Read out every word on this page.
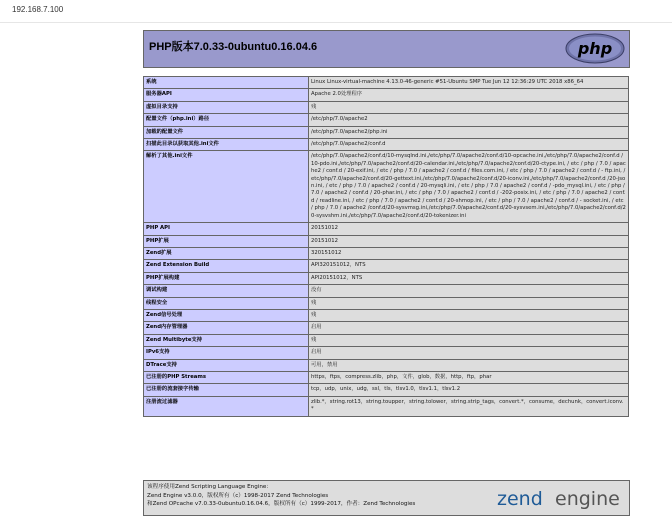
192.168.7.100
PHP版本7.0.33-0ubuntu0.16.04.6	php
系统	Linux Linux-virtual-machine 4.13.0-46-generic #51-Ubuntu SMP Tue Jun 12 12:36:29 UTC 2018 x86_64
服务器API	Apache 2.0处理程序
虚拟目录支持	残
配置文件（php.ini）路径	/etc/php/7.0/apache2
加载的配置文件	/etc/php/7.0/apache2/php.ini
扫描此目录以获取其他.ini文件	/etc/php/7.0/apache2/conf.d
解析了其他.ini文件	/etc/php/7.0/apache2/conf.d/10-mysqlnd.ini,/etc/php/7.0/apache2/conf.d/10-opcache.ini,/etc/php/7.0/apache2/conf.d /10-pdo.ini,/etc/php/7.0/apache2/conf.d/20-calendar.ini,/etc/php/7.0/apache2/conf.d/20-ctype.ini, / etc / php / 7.0 / apache2 / conf.d / 20-exif.ini, / etc / php / 7.0 / apache2 / conf.d / files.com.ini, / etc / php / 7.0 / apache2 / conf.d / - ftp.ini, /etc/php/7.0/apache2/conf.d/20-gettext.ini,/etc/php/7.0/apache2/conf.d/20-iconv.ini,/etc/php/7.0/apache2/conf.d /20-json.ini, / etc / php / 7.0 / apache2 / conf.d / 20-mysqli.ini, / etc / php / 7.0 / apache2 / conf.d / -pdo_mysql.ini, / etc / php / 7.0 / apache2 / conf.d / 20-phar.ini, / etc / php / 7.0 / apache2 / conf.d / -202-posix.ini, / etc / php / 7.0 / apache2 / conf.d / readline.ini, / etc / php / 7.0 / apache2 / conf.d / 20-shmop.ini, / etc / php / 7.0 / apache2 / conf.d / - socket.ini, / etc / php / 7.0 / apache2 /conf.d/20-sysvmsg.ini,/etc/php/7.0/apache2/conf.d/20-sysvsem.ini,/etc/php/7.0/apache2/conf.d/20-sysvshm.ini,/etc/php/7.0/apache2/conf.d/20-tokenizer.ini
PHP API	20151012
PHP扩展	20151012
Zend扩展	320151012
Zend Extension Build	API320151012，NTS
PHP扩展构建	API20151012，NTS
调试构建	没有
线程安全	残
Zend信号处理	残
Zend内存管理器	启用
Zend Multibyte支持	残
IPv6支持	启用
DTrace支持	可用，禁用
已注册的PHP Streams	https，ftps，compress.zlib，php，文件，glob，数据，http，ftp，phar
已注册的流套接字传输	tcp，udp，unix，udg，ssl，tls，tlsv1.0，tlsv1.1，tlsv1.2
注册流过滤器	zlib.*，string.rot13，string.toupper，string.tolower，string.strip_tags，convert.*，consume，dechunk，convert.iconv.*
该程序使用Zend Scripting Language Engine：
Zend Engine v3.0.0，版权所有（c）1998-2017 Zend Technologies
和Zend OPcache v7.0.33-0ubuntu0.16.04.6，版权所有（c）1999-2017，作者：Zend Technologies	zend engine
